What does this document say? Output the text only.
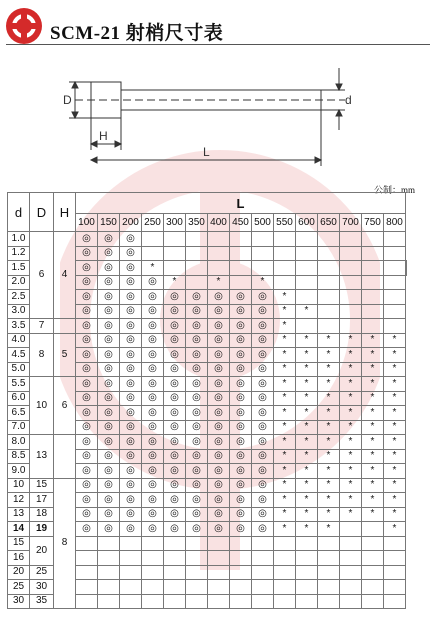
SCM-21 射梢尺寸表
D
H
L
d
公制：mm
d	D	H	L															
			100	150	200	250	300	350	400	450	500	550	600	650	700	750	800	
1.0	6	4	◎	◎	◎													
1.2			◎	◎	◎													
1.5			◎	◎	◎	*												
2.0			◎	◎	◎	◎	*		*		*							
2.5			◎	◎	◎	◎	◎	◎	◎	◎	◎	*						
3.0			◎	◎	◎	◎	◎	◎	◎	◎	◎	*	*					
3.5	7		◎	◎	◎	◎	◎	◎	◎	◎	◎	*						
4.0	8	5	◎	◎	◎	◎	◎	◎	◎	◎	◎	*	*	*	*	*	*	
4.5			◎	◎	◎	◎	◎	◎	◎	◎	◎	*	*	*	*	*	*	
5.0			◎	◎	◎	◎	◎	◎	◎	◎	◎	*	*	*	*	*	*	
5.5	10	6	◎	◎	◎	◎	◎	◎	◎	◎	◎	*	*	*	*	*	*	
6.0			◎	◎	◎	◎	◎	◎	◎	◎	◎	*	*	*	*	*	*	
6.5			◎	◎	◎	◎	◎	◎	◎	◎	◎	*	*	*	*	*	*	
7.0			◎	◎	◎	◎	◎	◎	◎	◎	◎	*	*	*	*	*	*	
8.0	13		◎	◎	◎	◎	◎	◎	◎	◎	◎	*	*	*	*	*	*	
8.5			◎	◎	◎	◎	◎	◎	◎	◎	◎	*	*	*	*	*	*	
9.0			◎	◎	◎	◎	◎	◎	◎	◎	◎	*	*	*	*	*	*	
10	15	8	◎	◎	◎	◎	◎	◎	◎	◎	◎	*	*	*	*	*	*	
12	17		◎	◎	◎	◎	◎	◎	◎	◎	◎	*	*	*	*	*	*	
13	18		◎	◎	◎	◎	◎	◎	◎	◎	◎	*	*	*	*	*	*	
14	19		◎	◎	◎	◎	◎	◎	◎	◎	◎	*	*	*			*	
15	20																	
16																		
20	25																	
25	30																	
30	35																	
